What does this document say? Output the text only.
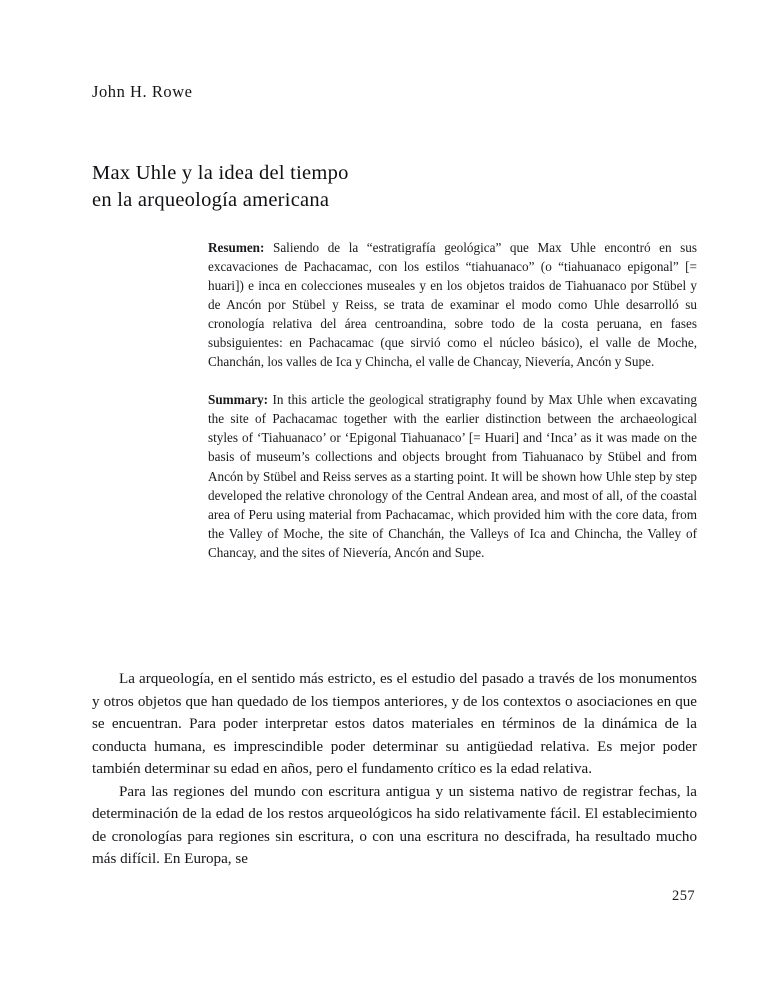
John H. Rowe
Max Uhle y la idea del tiempo
en la arqueología americana

Resumen: Saliendo de la “estratigrafía geológica” que Max Uhle encontró en sus excavaciones de Pachacamac, con los estilos “tiahuanaco” (o “tiahuanaco epigonal” [= huari]) e inca en colecciones museales y en los objetos traidos de Tiahuanaco por Stübel y de Ancón por Stübel y Reiss, se trata de examinar el modo como Uhle desarrolló su cronología relativa del área centroandina, sobre todo de la costa peruana, en fases subsiguientes: en Pachacamac (que sirvió como el núcleo básico), el valle de Moche, Chanchán, los valles de Ica y Chincha, el valle de Chancay, Nievería, Ancón y Supe.

Summary: In this article the geological stratigraphy found by Max Uhle when excavating the site of Pachacamac together with the earlier distinction between the archaeological styles of ‘Tiahuanaco’ or ‘Epigonal Tiahuanaco’ [= Huari] and ‘Inca’ as it was made on the basis of museum’s collections and objects brought from Tiahuanaco by Stübel and from Ancón by Stübel and Reiss serves as a starting point. It will be shown how Uhle step by step developed the relative chronology of the Central Andean area, and most of all, of the coastal area of Peru using material from Pachacamac, which provided him with the core data, from the Valley of Moche, the site of Chanchán, the Valleys of Ica and Chincha, the Valley of Chancay, and the sites of Nievería, Ancón and Supe.

La arqueología, en el sentido más estricto, es el estudio del pasado a través de los monumentos y otros objetos que han quedado de los tiempos anteriores, y de los contextos o asociaciones en que se encuentran. Para poder interpretar estos datos materiales en términos de la dinámica de la conducta humana, es imprescindible poder determinar su antigüedad relativa. Es mejor poder también determinar su edad en años, pero el fundamento crítico es la edad relativa.

Para las regiones del mundo con escritura antigua y un sistema nativo de registrar fechas, la determinación de la edad de los restos arqueológicos ha sido relativamente fácil. El establecimiento de cronologías para regiones sin escritura, o con una escritura no descifrada, ha resultado mucho más difícil. En Europa, se

257
